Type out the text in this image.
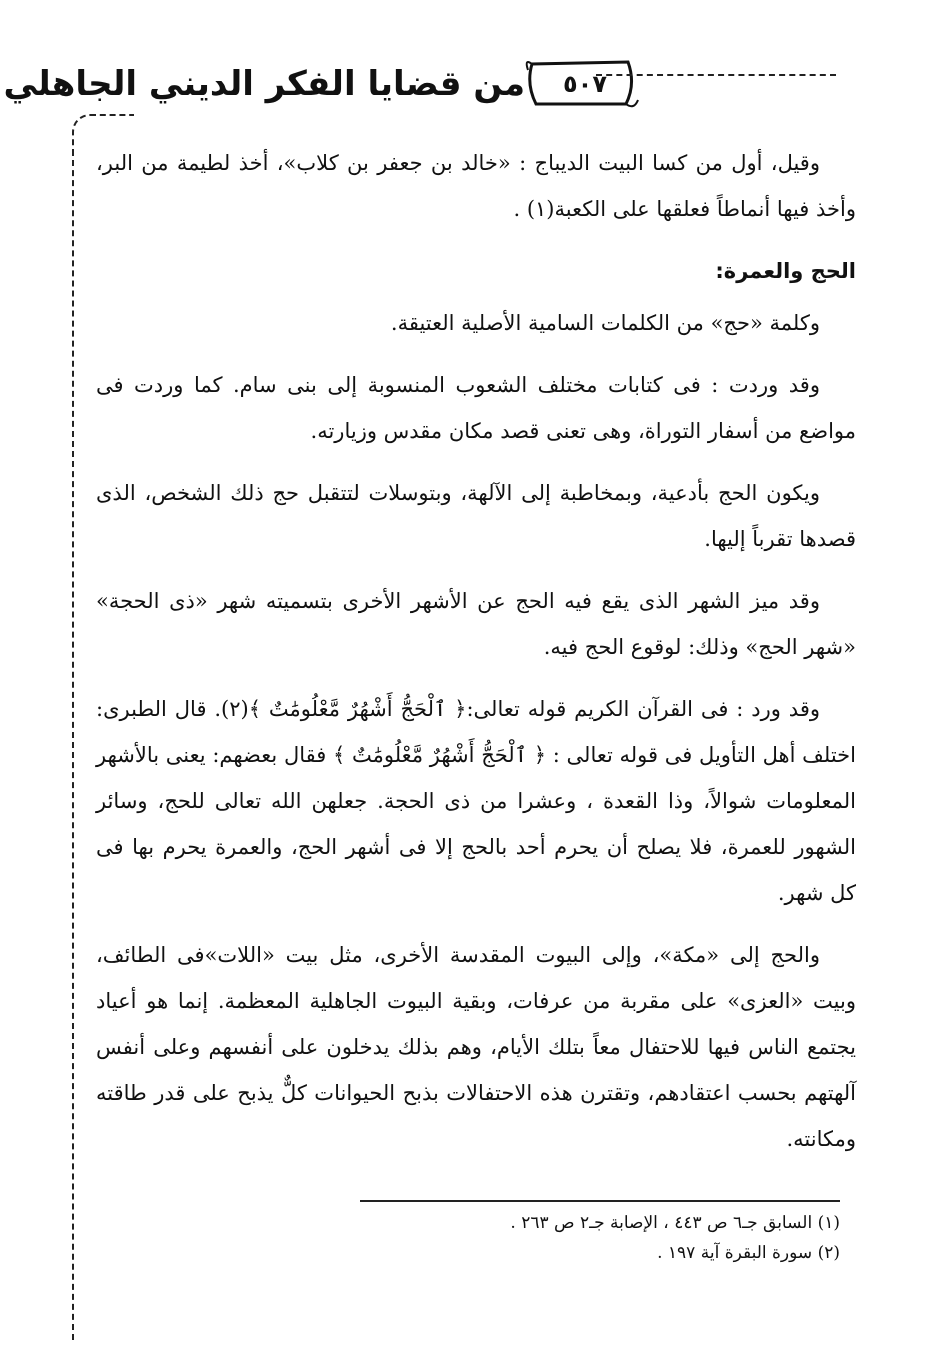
من قضايا الفكر الديني الجاهلي	٥٠٧

وقيل، أول من كسا البيت الديباج : «خالد بن جعفر بن كلاب»، أخذ لطيمة من البر، وأخذ فيها أنماطاً فعلقها على الكعبة(١) .

الحج والعمرة:

وكلمة «حج» من الكلمات السامية الأصلية العتيقة.

وقد وردت : فى كتابات مختلف الشعوب المنسوبة إلى بنى سام. كما وردت فى مواضع من أسفار التوراة، وهى تعنى قصد مكان مقدس وزيارته.

ويكون الحج بأدعية، وبمخاطبة إلى الآلهة، وبتوسلات لتتقبل حج ذلك الشخص، الذى قصدها تقرباً إليها.

وقد ميز الشهر الذى يقع فيه الحج عن الأشهر الأخرى بتسميته شهر «ذى الحجة» «شهر الحج» وذلك: لوقوع الحج فيه.

وقد ورد : فى القرآن الكريم قوله تعالى:﴿ ٱلْحَجُّ أَشْهُرٌ مَّعْلُومَٰتٌ ﴾(٢). قال الطبرى: اختلف أهل التأويل فى قوله تعالى : ﴿ ٱلْحَجُّ أَشْهُرٌ مَّعْلُومَٰتٌ ﴾ فقال بعضهم: يعنى بالأشهر المعلومات شوالاً، وذا القعدة ، وعشرا من ذى الحجة. جعلهن الله تعالى للحج، وسائر الشهور للعمرة، فلا يصلح أن يحرم أحد بالحج إلا فى أشهر الحج، والعمرة يحرم بها فى كل شهر.

والحج إلى «مكة»، وإلى البيوت المقدسة الأخرى، مثل بيت «اللات»فى الطائف، وبيت «العزى» على مقربة من عرفات، وبقية البيوت الجاهلية المعظمة. إنما هو أعياد يجتمع الناس فيها للاحتفال معاً بتلك الأيام، وهم بذلك يدخلون على أنفسهم وعلى أنفس آلهتهم بحسب اعتقادهم، وتقترن هذه الاحتفالات بذبح الحيوانات كلٌّ يذبح على قدر طاقته ومكانته.

(١) السابق جـ٦ ص ٤٤٣ ، الإصابة جـ٢ ص ٢٦٣ .
(٢) سورة البقرة آية ١٩٧ .
